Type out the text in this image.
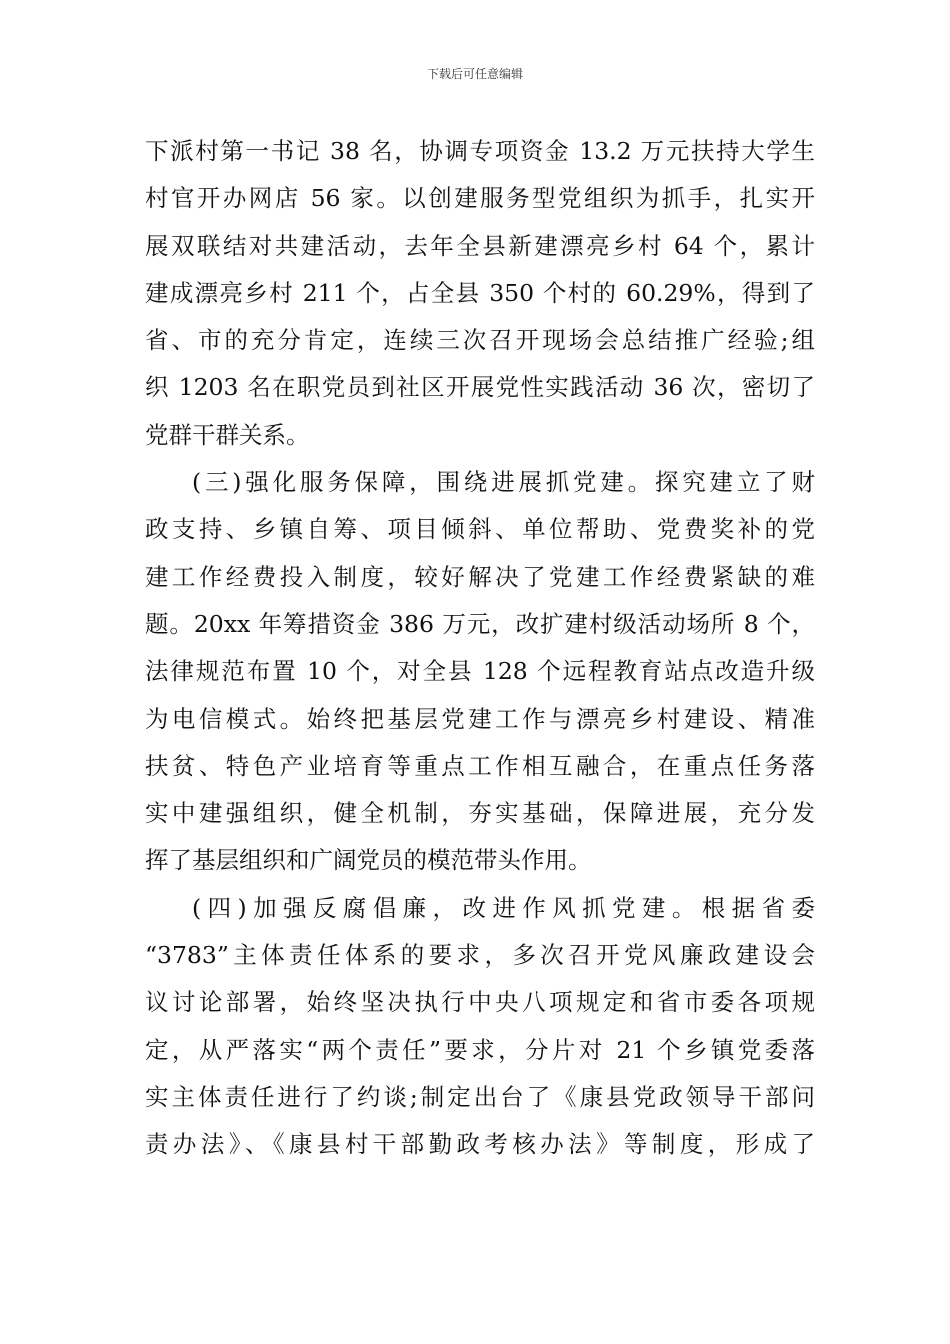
下载后可任意编辑
下派村第一书记 38 名，协调专项资金 13.2 万元扶持大学生
村官开办网店 56 家。以创建服务型党组织为抓手，扎实开
展双联结对共建活动，去年全县新建漂亮乡村 64 个，累计
建成漂亮乡村 211 个，占全县 350 个村的 60.29%，得到了
省、市的充分肯定，连续三次召开现场会总结推广经验;组
织 1203 名在职党员到社区开展党性实践活动 36 次，密切了
党群干群关系。
(三)强化服务保障，围绕进展抓党建。探究建立了财
政支持、乡镇自筹、项目倾斜、单位帮助、党费奖补的党
建工作经费投入制度，较好解决了党建工作经费紧缺的难
题。20xx 年筹措资金 386 万元，改扩建村级活动场所 8 个，
法律规范布置 10 个，对全县 128 个远程教育站点改造升级
为电信模式。始终把基层党建工作与漂亮乡村建设、精准
扶贫、特色产业培育等重点工作相互融合，在重点任务落
实中建强组织，健全机制，夯实基础，保障进展，充分发
挥了基层组织和广阔党员的模范带头作用。
(四)加强反腐倡廉，改进作风抓党建。根据省委
“3783”主体责任体系的要求，多次召开党风廉政建设会
议讨论部署，始终坚决执行中央八项规定和省市委各项规
定，从严落实“两个责任”要求，分片对 21 个乡镇党委落
实主体责任进行了约谈;制定出台了《康县党政领导干部问
责办法》、《康县村干部勤政考核办法》等制度，形成了
